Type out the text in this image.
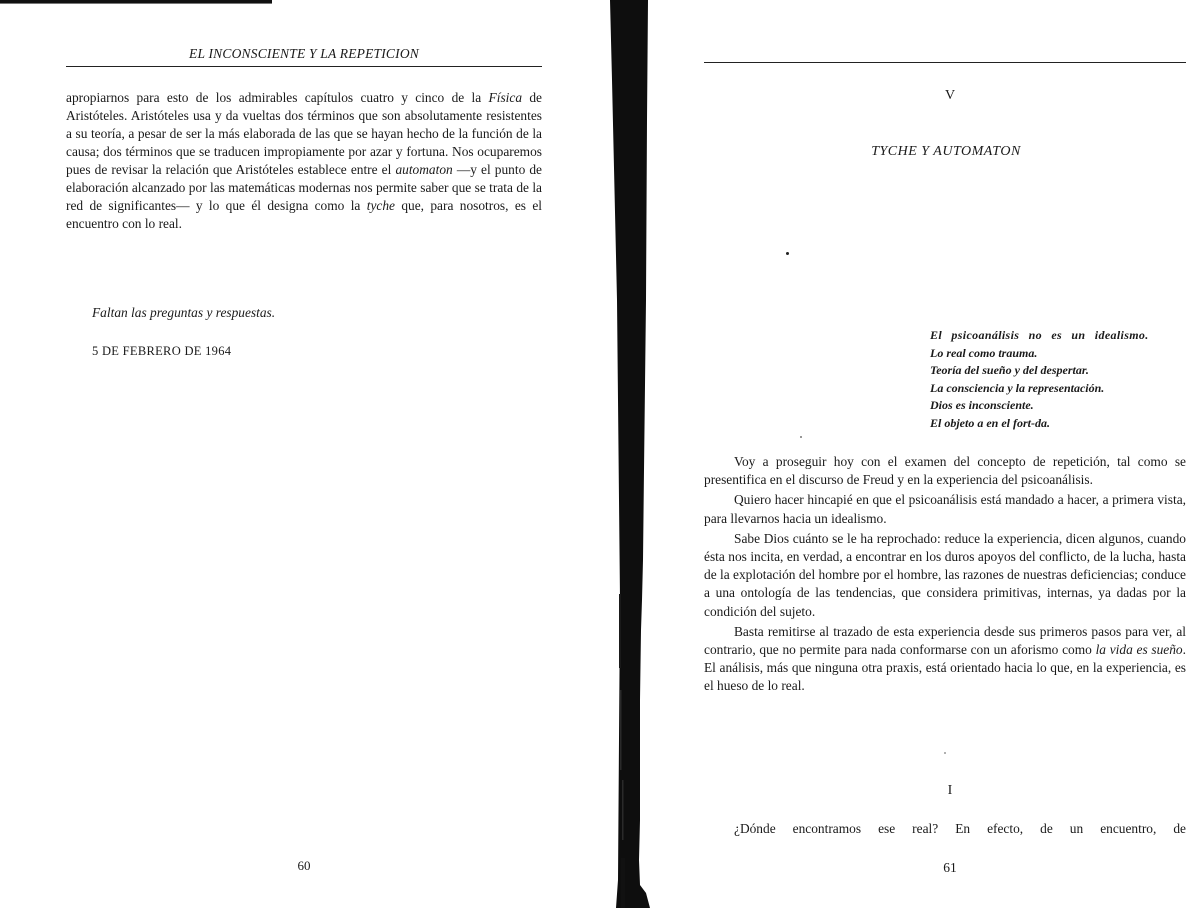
EL INCONSCIENTE Y LA REPETICION

apropiarnos para esto de los admirables capítulos cuatro y cinco de la Física de Aristóteles. Aristóteles usa y da vueltas dos términos que son absolutamente resistentes a su teoría, a pesar de ser la más elaborada de las que se hayan hecho de la función de la causa; dos términos que se traducen impropiamente por azar y fortuna. Nos ocuparemos pues de revisar la relación que Aristóteles establece entre el automaton —y el punto de elaboración alcanzado por las matemáticas modernas nos permite saber que se trata de la red de significantes— y lo que él designa como la tyche que, para nosotros, es el encuentro con lo real.

Faltan las preguntas y respuestas.
5 DE FEBRERO DE 1964
60
V
TYCHE Y AUTOMATON
El psicoanálisis no es un idealismo.
Lo real como trauma.
Teoría del sueño y del despertar.
La consciencia y la representación.
Dios es inconsciente.
El objeto a en el fort-da.

Voy a proseguir hoy con el examen del concepto de repetición, tal como se presentifica en el discurso de Freud y en la experiencia del psicoanálisis.

Quiero hacer hincapié en que el psicoanálisis está mandado a hacer, a primera vista, para llevarnos hacia un idealismo.

Sabe Dios cuánto se le ha reprochado: reduce la experiencia, dicen algunos, cuando ésta nos incita, en verdad, a encontrar en los duros apoyos del conflicto, de la lucha, hasta de la explotación del hombre por el hombre, las razones de nuestras deficiencias; conduce a una ontología de las tendencias, que considera primitivas, internas, ya dadas por la condición del sujeto.

Basta remitirse al trazado de esta experiencia desde sus primeros pasos para ver, al contrario, que no permite para nada conformarse con un aforismo como la vida es sueño. El análisis, más que ninguna otra praxis, está orientado hacia lo que, en la experiencia, es el hueso de lo real.

I
¿Dónde encontramos ese real? En efecto, de un encuentro, de
61
